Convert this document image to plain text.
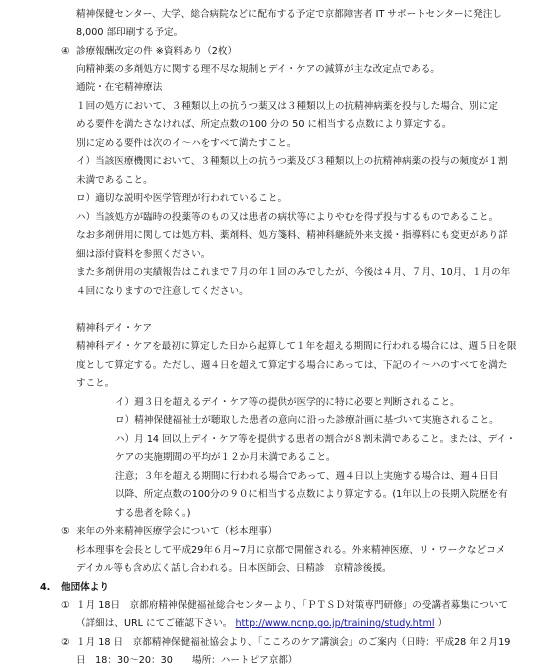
精神保健センター、大学、総合病院などに配布する予定で京都障害者 IT サポートセンターに発注し
8,000 部印刷する予定。
④ 診療報酬改定の件 ※資料あり（2枚）
向精神薬の多剤処方に関する理不尽な規制とデイ・ケアの減算が主な改定点である。
通院・在宅精神療法
１回の処方において、３種類以上の抗うつ薬又は３種類以上の抗精神病薬を投与した場合、別に定
める要件を満たさなければ、所定点数の100 分の 50 に相当する点数により算定する。
別に定める要件は次のイ～ハをすべて満たすこと。
イ）当該医療機関において、３種類以上の抗うつ薬及び３種類以上の抗精神病薬の投与の頻度が１割
未満であること。
ロ）適切な説明や医学管理が行われていること。
ハ）当該処方が臨時の投薬等のもの又は患者の病状等によりやむを得ず投与するものであること。
なお多剤併用に関しては処方料、薬剤料、処方箋料、精神科継続外来支援・指導料にも変更があり詳
細は添付資料を参照ください。
また多剤併用の実績報告はこれまで７月の年１回のみでしたが、今後は４月、７月、10月、１月の年
４回になりますので注意してください。
精神科デイ・ケア
精神科デイ・ケアを最初に算定した日から起算して１年を超える期間に行われる場合には、週５日を限
度として算定する。ただし、週４日を超えて算定する場合にあっては、下記のイ～ハのすべてを満た
すこと。
イ）週３日を超えるデイ・ケア等の提供が医学的に特に必要と判断されること。
ロ）精神保健福祉士が聴取した患者の意向に沿った診療計画に基づいて実施されること。
ハ）月 14 回以上デイ・ケア等を提供する患者の割合が８割未満であること。または、デイ・
ケアの実施期間の平均が１２か月未満であること。
注意；３年を超える期間に行われる場合であって、週４日以上実施する場合は、週４日目
以降、所定点数の100分の９０に相当する点数により算定する。(1年以上の長期入院歴を有
する患者を除く。)
⑤ 来年の外来精神医療学会について（杉本理事）
杉本理事を会長として平成29年６月~7月に京都で開催される。外来精神医療、リ・ワークなどコメ
デイカル等も含め広く話し合われる。日本医師会、日精診　京精診後援。
4. 他団体より
① １月 18日　京都府精神保健福祉総合センターより、「ＰＴＳＤ対策専門研修」の受講者募集について
（詳細は、URL にてご確認下さい。 http://www.ncnp.go.jp/training/study.html ）
② １月 18 日　京都精神保健福祉協会より、「こころのケア講演会」のご案内（日時：平成28 年２月19
日　18：30～20：30　　場所：ハートピア京都）
